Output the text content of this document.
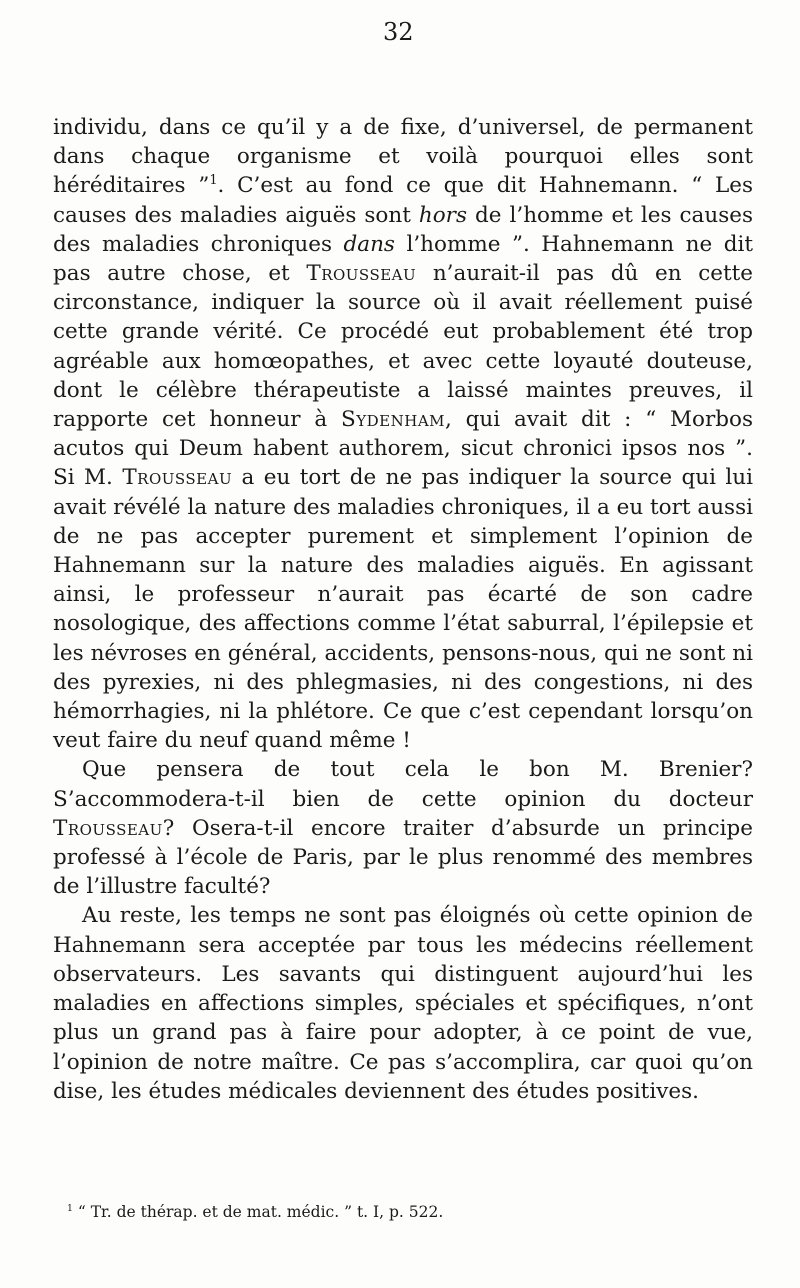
32

individu, dans ce qu’il y a de fixe, d’universel, de permanent dans chaque organisme et voilà pourquoi elles sont héréditaires ”$^1$. C’est au fond ce que dit Hahnemann. “ Les causes des maladies aiguës sont hors de l’homme et les causes des maladies chroniques dans l’homme ”. Hahnemann ne dit pas autre chose, et Trousseau n’aurait-il pas dû en cette circonstance, indiquer la source où il avait réellement puisé cette grande vérité. Ce procédé eut probablement été trop agréable aux homœopathes, et avec cette loyauté douteuse, dont le célèbre thérapeutiste a laissé maintes preuves, il rapporte cet honneur à Sydenham, qui avait dit : “ Morbos acutos qui Deum habent authorem, sicut chronici ipsos nos ”. Si M. Trousseau a eu tort de ne pas indiquer la source qui lui avait révélé la nature des maladies chroniques, il a eu tort aussi de ne pas accepter purement et simplement l’opinion de Hahnemann sur la nature des maladies aiguës. En agissant ainsi, le professeur n’aurait pas écarté de son cadre nosologique, des affections comme l’état saburral, l’épilepsie et les névroses en général, accidents, pensons-nous, qui ne sont ni des pyrexies, ni des phlegmasies, ni des congestions, ni des hémorrhagies, ni la phlétore. Ce que c’est cependant lorsqu’on veut faire du neuf quand même !

Que pensera de tout cela le bon M. Brenier? S’accommodera-t-il bien de cette opinion du docteur Trousseau? Osera-t-il encore traiter d’absurde un principe professé à l’école de Paris, par le plus renommé des membres de l’illustre faculté?

Au reste, les temps ne sont pas éloignés où cette opinion de Hahnemann sera acceptée par tous les médecins réellement observateurs. Les savants qui distinguent aujourd’hui les maladies en affections simples, spéciales et spécifiques, n’ont plus un grand pas à faire pour adopter, à ce point de vue, l’opinion de notre maître. Ce pas s’accomplira, car quoi qu’on dise, les études médicales deviennent des études positives.

$^1$ “ Tr. de thérap. et de mat. médic. ” t. I, p. 522.
